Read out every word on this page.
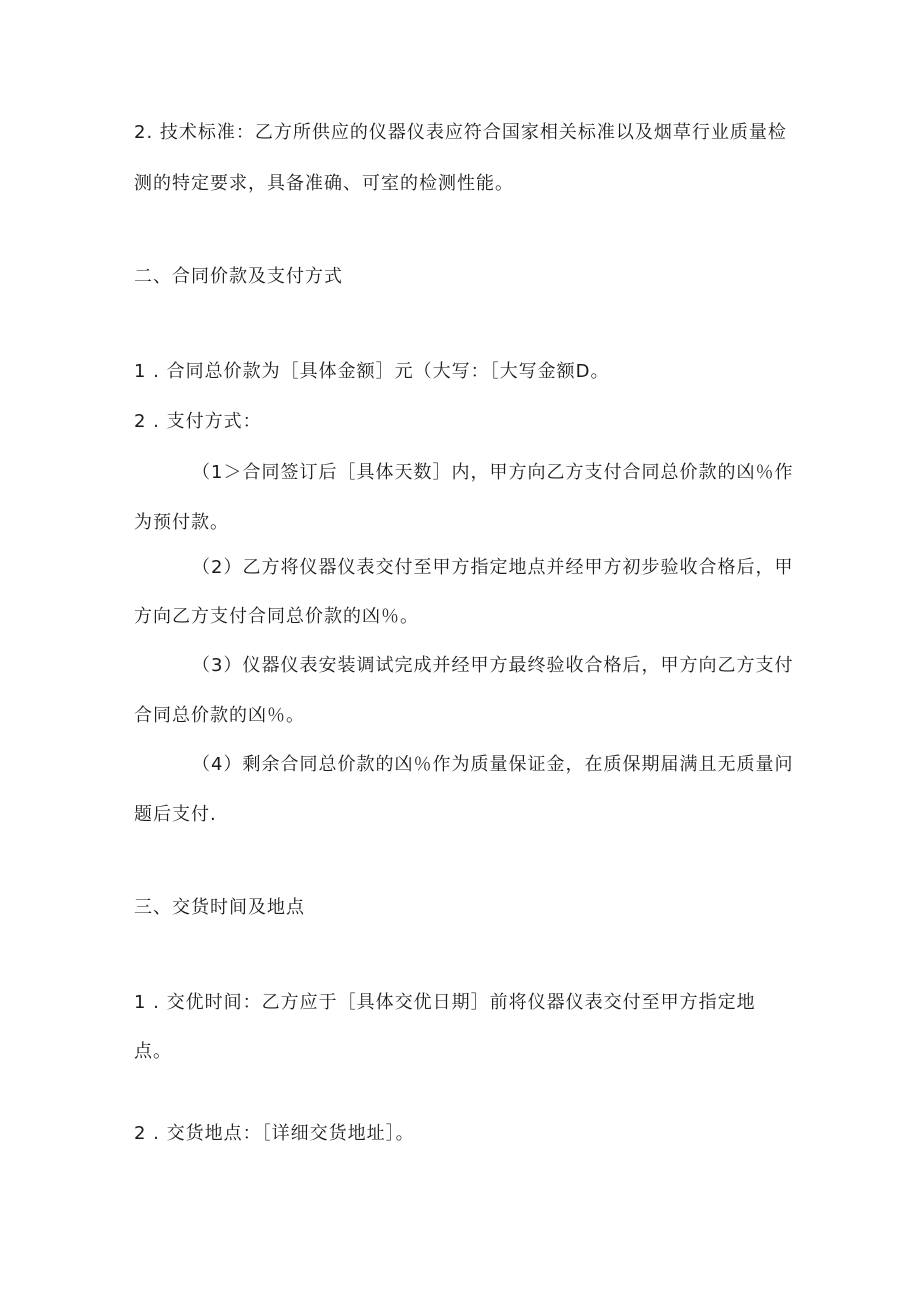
2. 技术标准：乙方所供应的仪器仪表应符合国家相关标准以及烟草行业质量检
测的特定要求，具备准确、可室的检测性能。
二、合同价款及支付方式
1 . 合同总价款为［具体金额］元（大写：［大写金额D。
2 . 支付方式：
（1＞合同签订后［具体天数］内，甲方向乙方支付合同总价款的凶％作
为预付款。
（2）乙方将仪器仪表交付至甲方指定地点并经甲方初步验收合格后，甲
方向乙方支付合同总价款的凶％。
（3）仪器仪表安装调试完成并经甲方最终验收合格后，甲方向乙方支付
合同总价款的凶％。
（4）剩余合同总价款的凶％作为质量保证金，在质保期届满且无质量问
题后支付.
三、交货时间及地点
1 . 交优时间：乙方应于［具体交优日期］前将仪器仪表交付至甲方指定地
点。
2 . 交货地点：［详细交货地址］。
